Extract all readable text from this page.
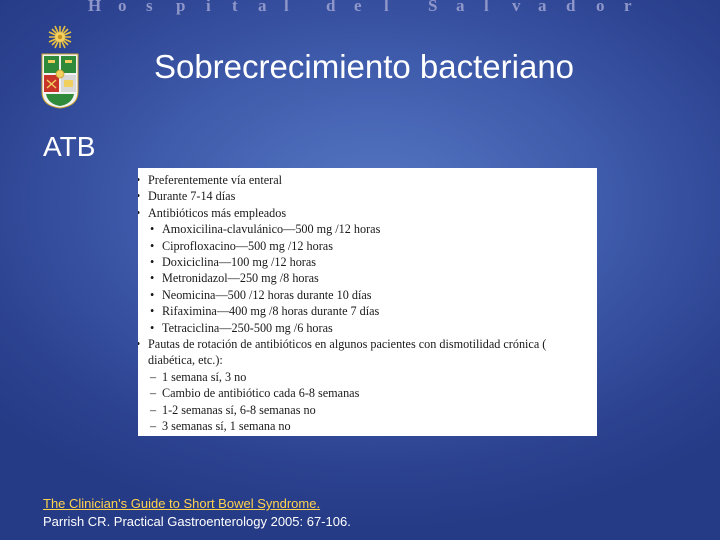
H o s p i t a l d e l S a l v a d o r
Sobrecrecimiento bacteriano
ATB
• Preferentemente vía enteral
• Durante 7-14 días
• Antibióticos más empleados
• Amoxicilina-clavulánico—500 mg /12 horas
• Ciprofloxacino—500 mg /12 horas
• Doxiciclina—100 mg /12 horas
• Metronidazol—250 mg /8 horas
• Neomicina—500 /12 horas durante 10 días
• Rifaximina—400 mg /8 horas durante 7 días
• Tetraciclina—250-500 mg /6 horas
• Pautas de rotación de antibióticos en algunos pacientes con dismotilidad crónica (
diabética, etc.):
– 1 semana sí, 3 no
– Cambio de antibiótico cada 6-8 semanas
– 1-2 semanas sí, 6-8 semanas no
– 3 semanas sí, 1 semana no
The Clinician's Guide to Short Bowel Syndrome.
Parrish CR. Practical Gastroenterology 2005: 67-106.
